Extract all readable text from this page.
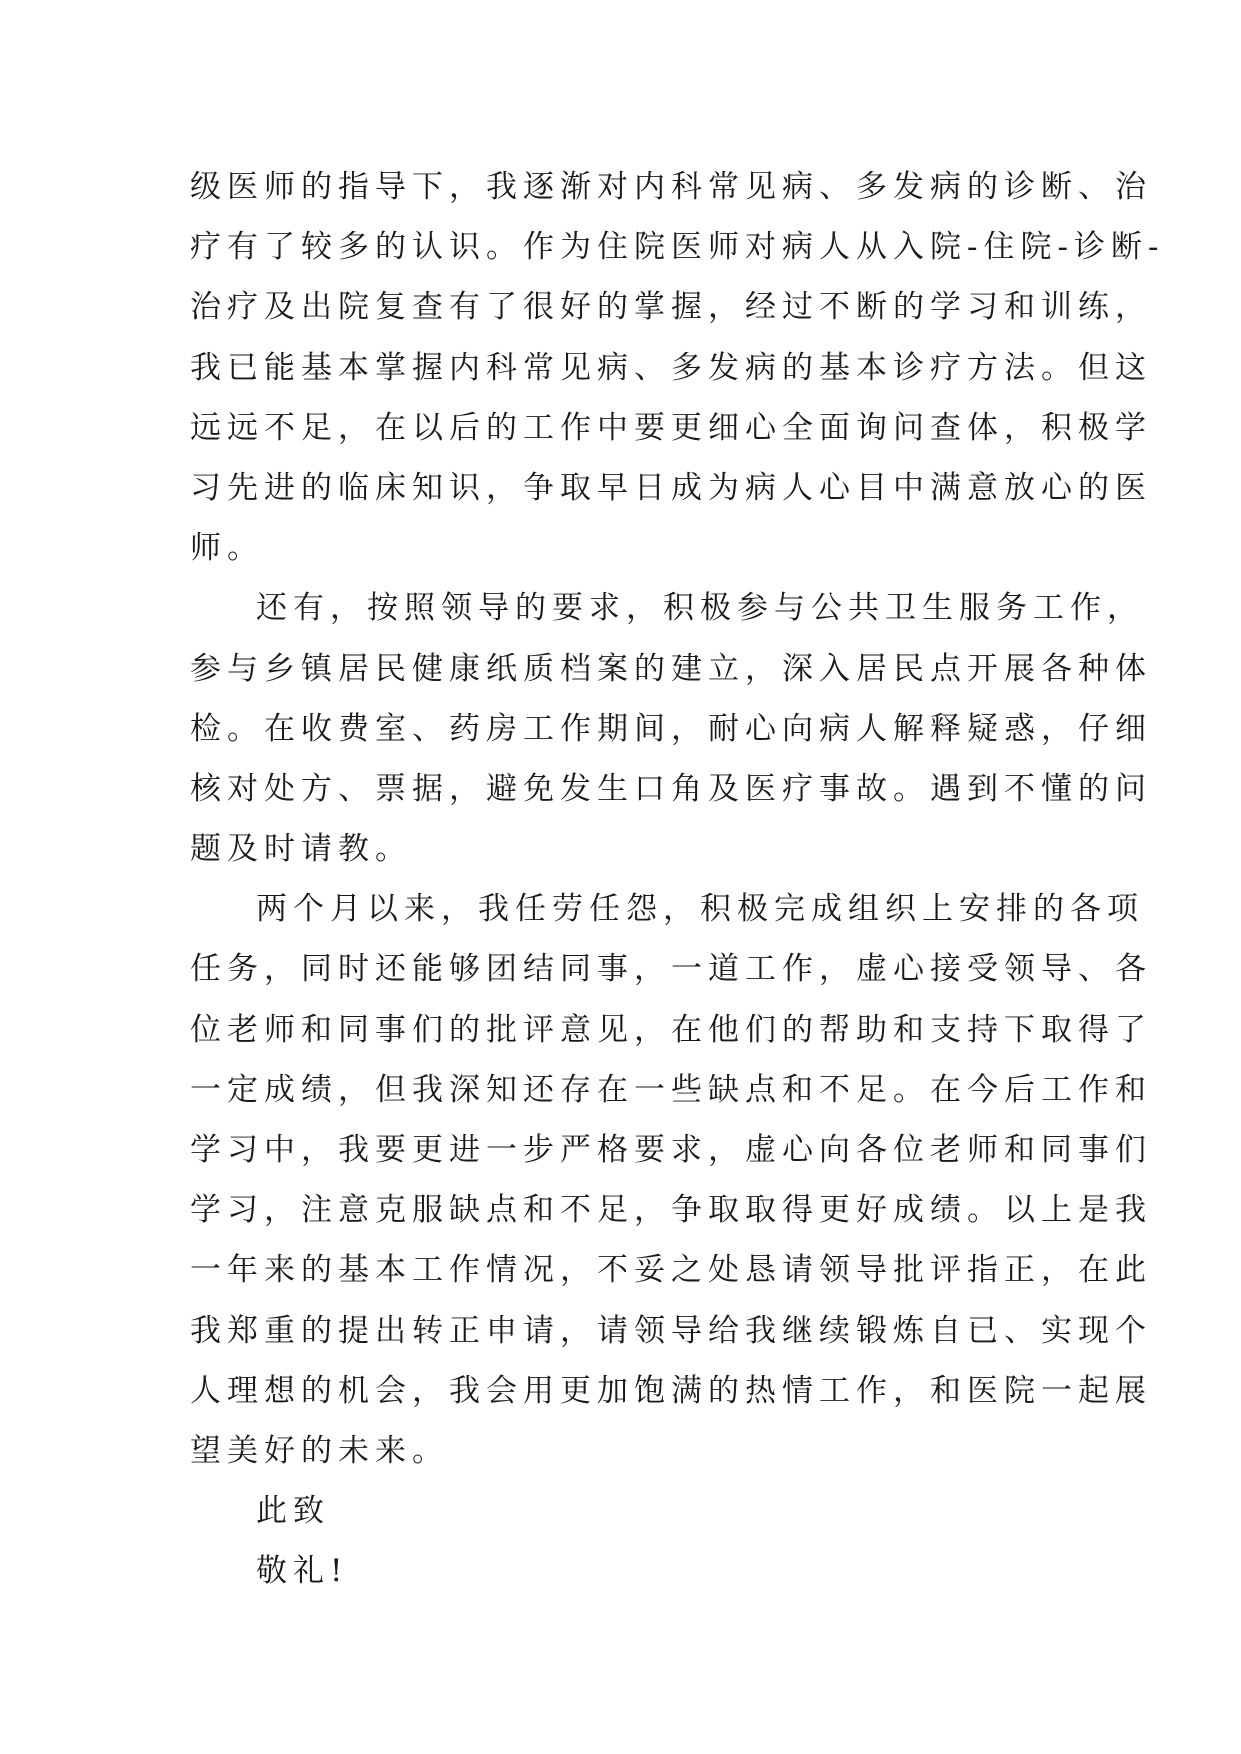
级医师的指导下，我逐渐对内科常见病、多发病的诊断、治
疗有了较多的认识。作为住院医师对病人从入院-住院-诊断-
治疗及出院复查有了很好的掌握，经过不断的学习和训练，
我已能基本掌握内科常见病、多发病的基本诊疗方法。但这
远远不足，在以后的工作中要更细心全面询问查体，积极学
习先进的临床知识，争取早日成为病人心目中满意放心的医
师。
还有，按照领导的要求，积极参与公共卫生服务工作，
参与乡镇居民健康纸质档案的建立，深入居民点开展各种体
检。在收费室、药房工作期间，耐心向病人解释疑惑，仔细
核对处方、票据，避免发生口角及医疗事故。遇到不懂的问
题及时请教。
两个月以来，我任劳任怨，积极完成组织上安排的各项
任务，同时还能够团结同事，一道工作，虚心接受领导、各
位老师和同事们的批评意见，在他们的帮助和支持下取得了
一定成绩，但我深知还存在一些缺点和不足。在今后工作和
学习中，我要更进一步严格要求，虚心向各位老师和同事们
学习，注意克服缺点和不足，争取取得更好成绩。以上是我
一年来的基本工作情况，不妥之处恳请领导批评指正，在此
我郑重的提出转正申请，请领导给我继续锻炼自已、实现个
人理想的机会，我会用更加饱满的热情工作，和医院一起展
望美好的未来。
此致
敬礼!
